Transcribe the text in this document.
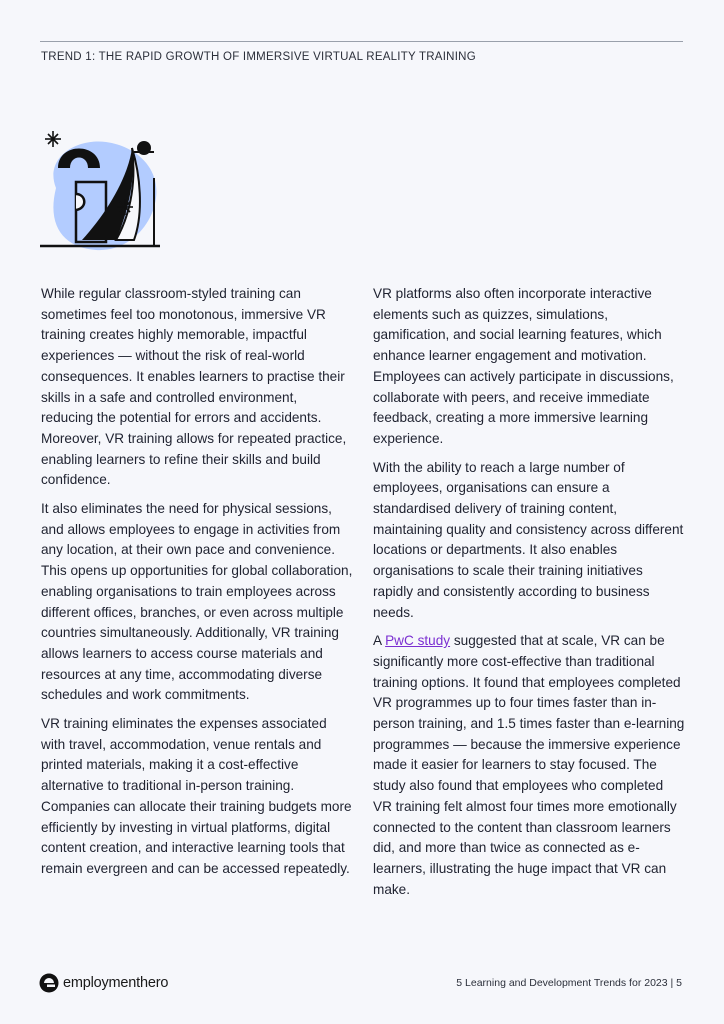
TREND 1: THE RAPID GROWTH OF IMMERSIVE VIRTUAL REALITY TRAINING

While regular classroom-styled training can sometimes feel too monotonous, immersive VR training creates highly memorable, impactful experiences — without the risk of real-world consequences. It enables learners to practise their skills in a safe and controlled environment, reducing the potential for errors and accidents. Moreover, VR training allows for repeated practice, enabling learners to refine their skills and build confidence.

It also eliminates the need for physical sessions, and allows employees to engage in activities from any location, at their own pace and convenience. This opens up opportunities for global collaboration, enabling organisations to train employees across different offices, branches, or even across multiple countries simultaneously. Additionally, VR training allows learners to access course materials and resources at any time, accommodating diverse schedules and work commitments.

VR training eliminates the expenses associated with travel, accommodation, venue rentals and printed materials, making it a cost-effective alternative to traditional in-person training. Companies can allocate their training budgets more efficiently by investing in virtual platforms, digital content creation, and interactive learning tools that remain evergreen and can be accessed repeatedly.

VR platforms also often incorporate interactive elements such as quizzes, simulations, gamification, and social learning features, which enhance learner engagement and motivation. Employees can actively participate in discussions, collaborate with peers, and receive immediate feedback, creating a more immersive learning experience.

With the ability to reach a large number of employees, organisations can ensure a standardised delivery of training content, maintaining quality and consistency across different locations or departments. It also enables organisations to scale their training initiatives rapidly and consistently according to business needs.

A PwC study suggested that at scale, VR can be significantly more cost-effective than traditional training options. It found that employees completed VR programmes up to four times faster than in-person training, and 1.5 times faster than e-learning programmes — because the immersive experience made it easier for learners to stay focused. The study also found that employees who completed VR training felt almost four times more emotionally connected to the content than classroom learners did, and more than twice as connected as e-learners, illustrating the huge impact that VR can make.

employmenthero	5 Learning and Development Trends for 2023 | 5
